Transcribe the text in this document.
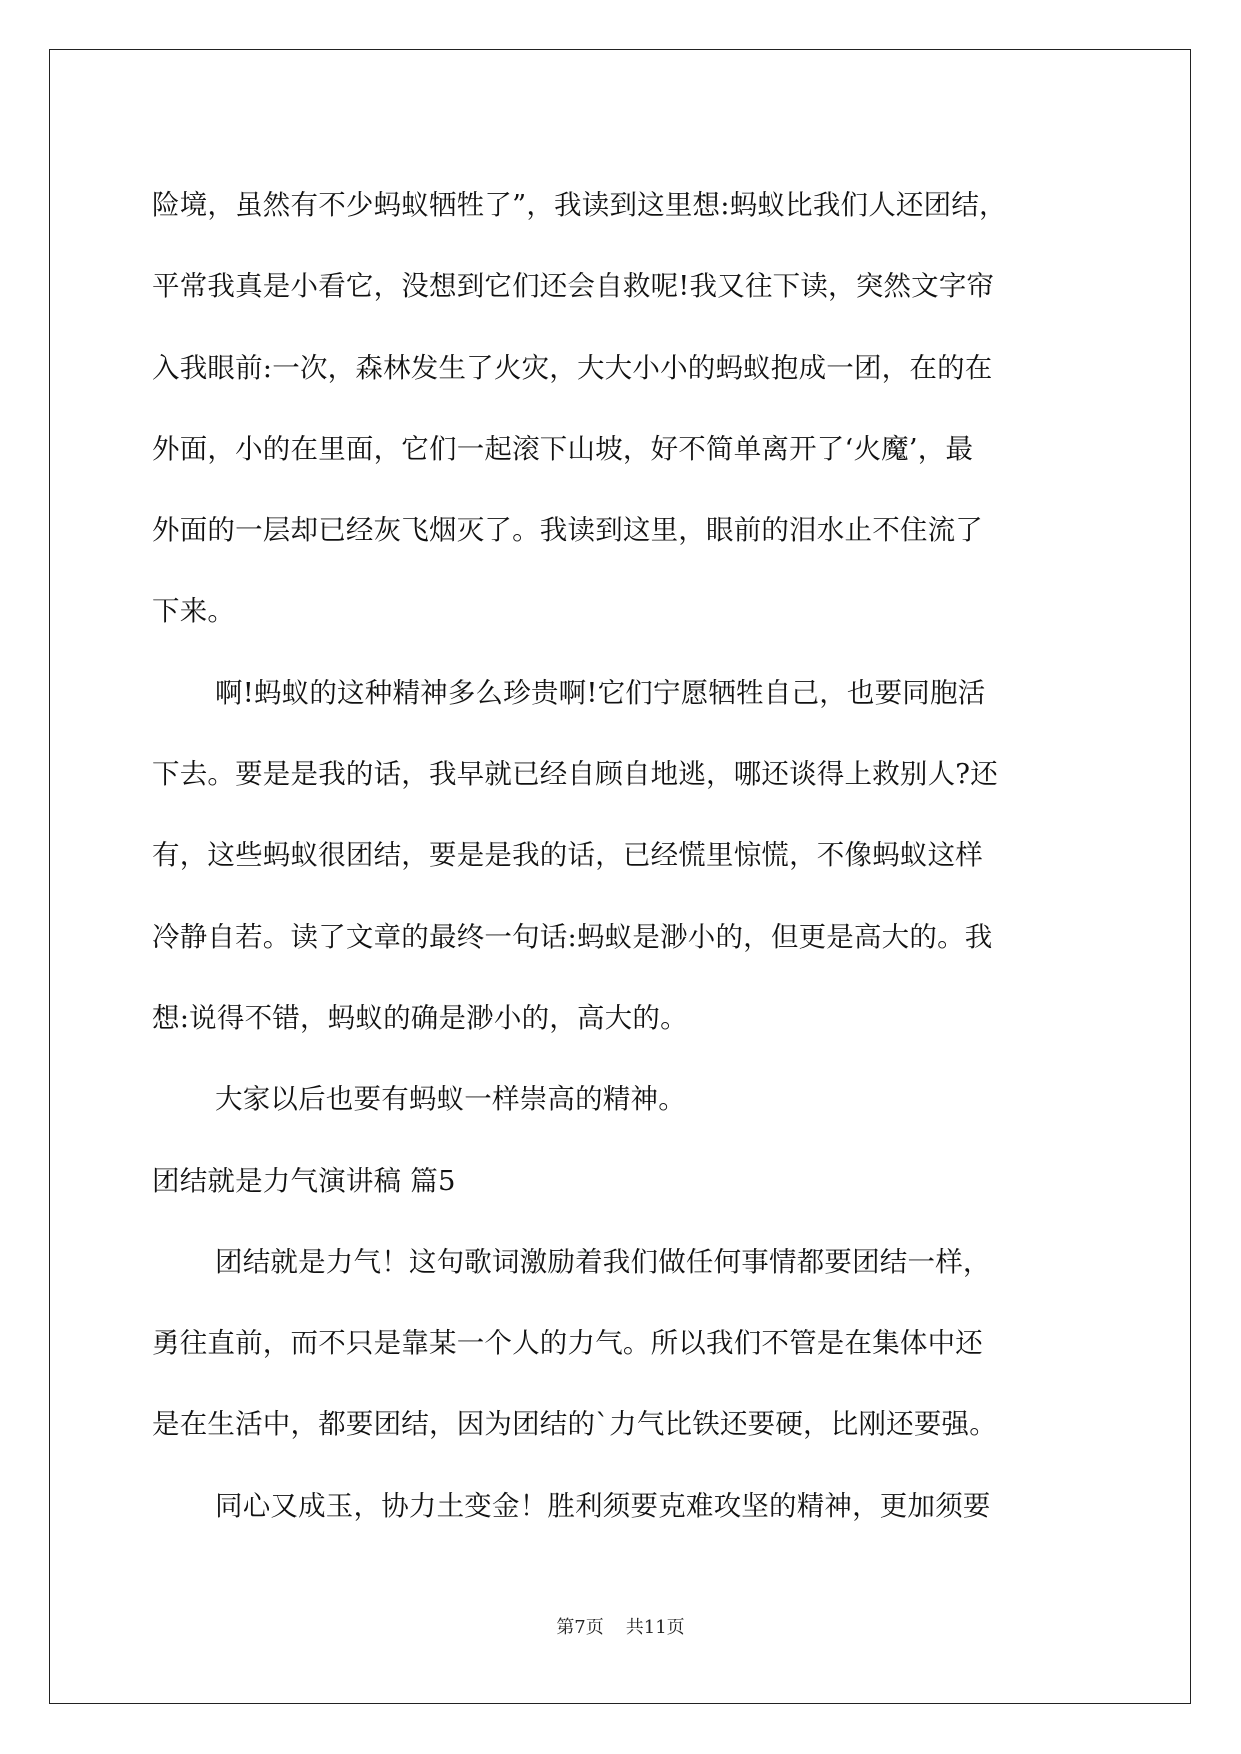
险境，虽然有不少蚂蚁牺牲了”，我读到这里想:蚂蚁比我们人还团结，
平常我真是小看它，没想到它们还会自救呢!我又往下读，突然文字帘
入我眼前:一次，森林发生了火灾，大大小小的蚂蚁抱成一团，在的在
外面，小的在里面，它们一起滚下山坡，好不简单离开了‘火魔’，最
外面的一层却已经灰飞烟灭了。我读到这里，眼前的泪水止不住流了
下来。
啊!蚂蚁的这种精神多么珍贵啊!它们宁愿牺牲自己，也要同胞活
下去。要是是我的话，我早就已经自顾自地逃，哪还谈得上救别人?还
有，这些蚂蚁很团结，要是是我的话，已经慌里惊慌，不像蚂蚁这样
冷静自若。读了文章的最终一句话:蚂蚁是渺小的，但更是高大的。我
想:说得不错，蚂蚁的确是渺小的，高大的。
大家以后也要有蚂蚁一样崇高的精神。
团结就是力气演讲稿 篇5
团结就是力气！这句歌词激励着我们做任何事情都要团结一样，
勇往直前，而不只是靠某一个人的力气。所以我们不管是在集体中还
是在生活中，都要团结，因为团结的`力气比铁还要硬，比刚还要强。
同心又成玉，协力土变金！胜利须要克难攻坚的精神，更加须要
第7页 共11页
